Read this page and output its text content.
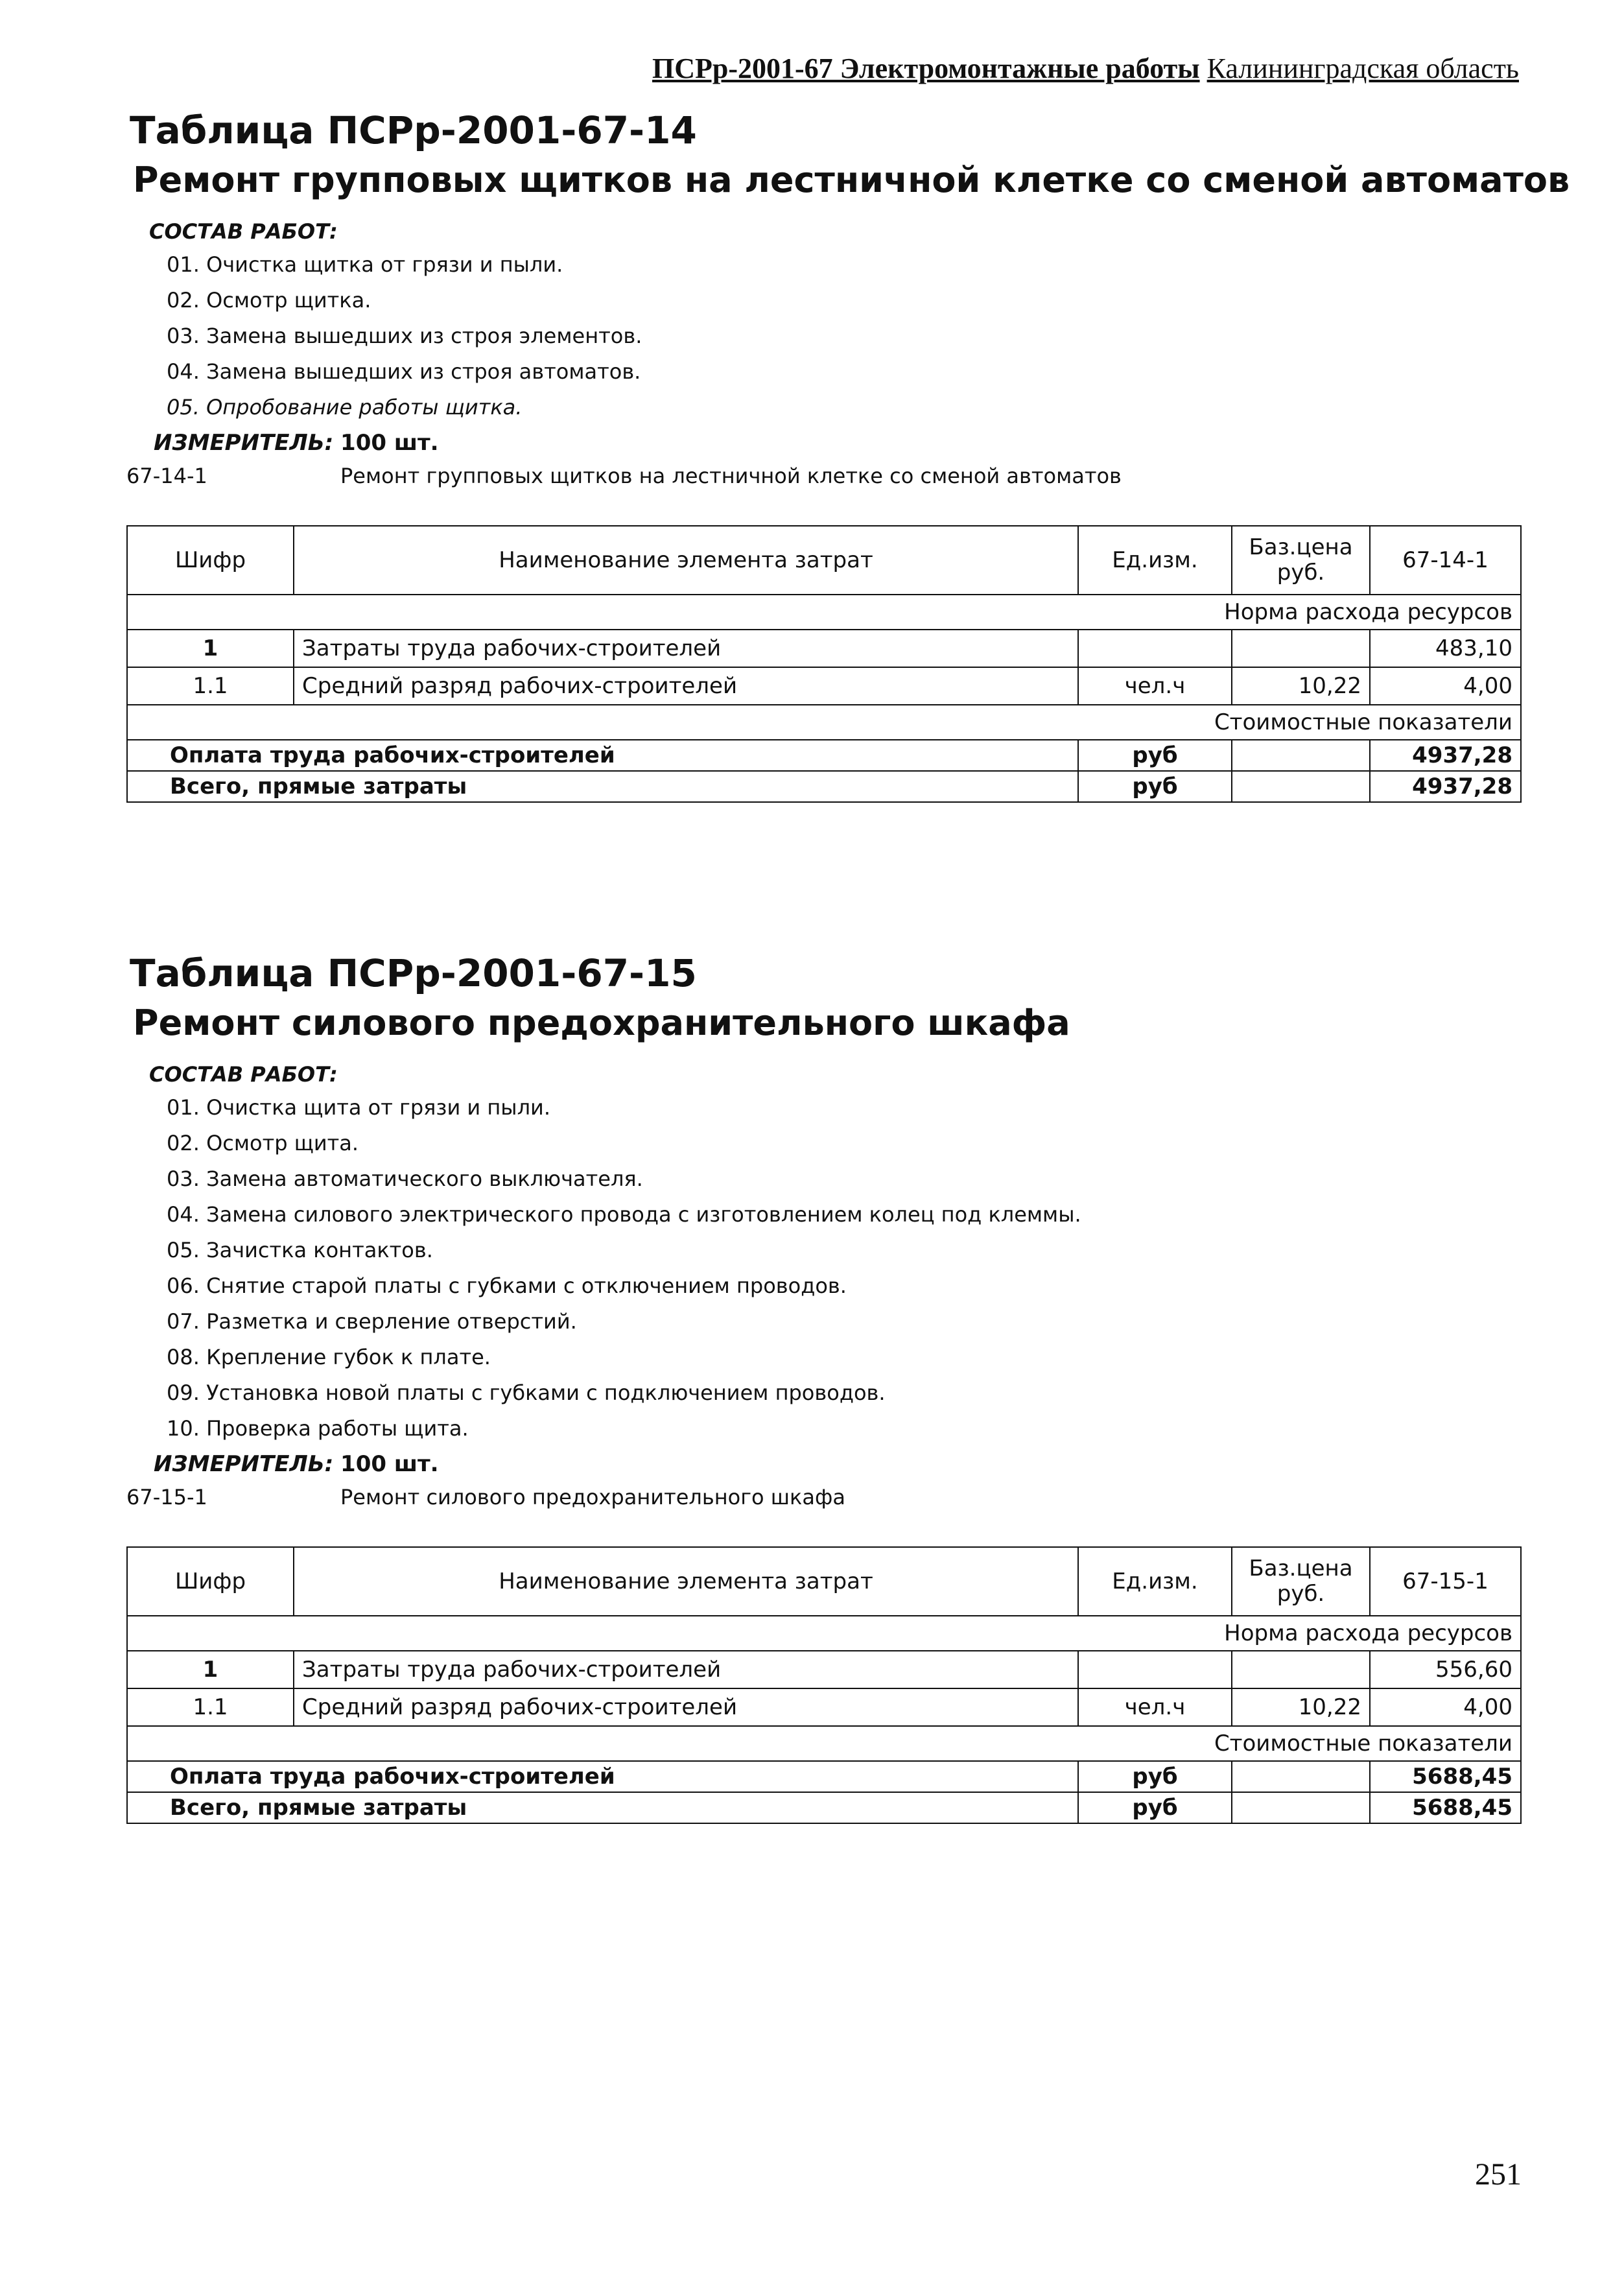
ПСРр-2001-67 Электромонтажные работы Калининградская область
Таблица ПСРр-2001-67-14
Ремонт групповых щитков на лестничной клетке со сменой автоматов
СОСТАВ РАБОТ:
01. Очистка щитка от грязи и пыли.
02. Осмотр щитка.
03. Замена вышедших из строя элементов.
04. Замена вышедших из строя автоматов.
05. Опробование работы щитка.
ИЗМЕРИТЕЛЬ: 100 шт.
67-14-1	Ремонт групповых щитков на лестничной клетке со сменой автоматов
Шифр	Наименование элемента затрат	Ед.изм.	Баз.цена руб.	67-14-1
Норма расхода ресурсов				
1	Затраты труда рабочих-строителей			483,10
1.1	Средний разряд рабочих-строителей	чел.ч	10,22	4,00
Стоимостные показатели				
Оплата труда рабочих-строителей		руб		4937,28
Всего, прямые затраты		руб		4937,28
Таблица ПСРр-2001-67-15
Ремонт силового предохранительного шкафа
СОСТАВ РАБОТ:
01. Очистка щита от грязи и пыли.
02. Осмотр щита.
03. Замена автоматического выключателя.
04. Замена силового электрического провода с изготовлением колец под клеммы.
05. Зачистка контактов.
06. Снятие старой платы с губками с отключением проводов.
07. Разметка и сверление отверстий.
08. Крепление губок к плате.
09. Установка новой платы с губками с подключением проводов.
10. Проверка работы щита.
ИЗМЕРИТЕЛЬ: 100 шт.
67-15-1	Ремонт силового предохранительного шкафа
Шифр	Наименование элемента затрат	Ед.изм.	Баз.цена руб.	67-15-1
Норма расхода ресурсов				
1	Затраты труда рабочих-строителей			556,60
1.1	Средний разряд рабочих-строителей	чел.ч	10,22	4,00
Стоимостные показатели				
Оплата труда рабочих-строителей		руб		5688,45
Всего, прямые затраты		руб		5688,45
251
